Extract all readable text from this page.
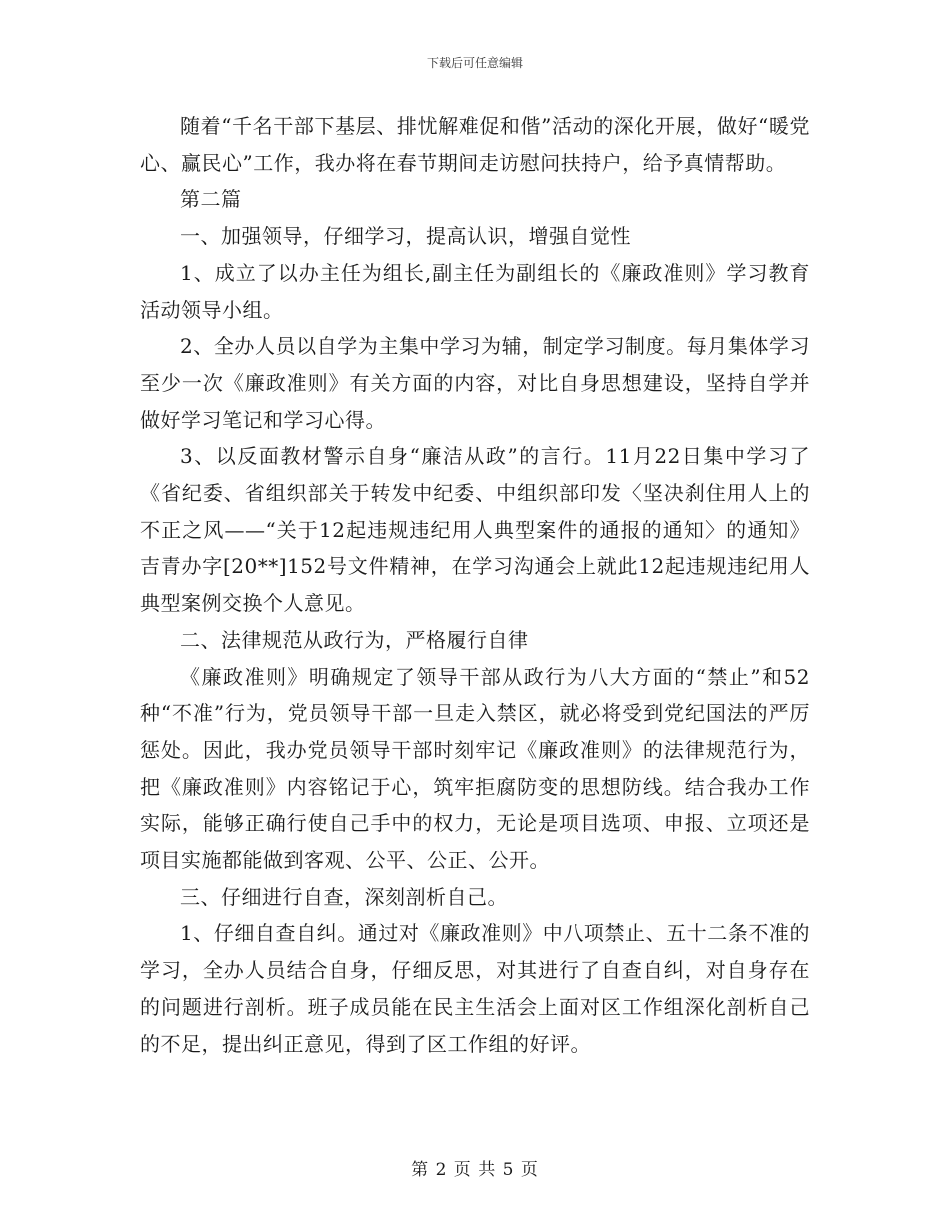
下载后可任意编辑

随着“千名干部下基层、排忧解难促和偕”活动的深化开展，做好“暖党心、赢民心”工作，我办将在春节期间走访慰问扶持户，给予真情帮助。

第二篇

一、加强领导，仔细学习，提高认识，增强自觉性

1、成立了以办主任为组长,副主任为副组长的《廉政准则》学习教育活动领导小组。

2、全办人员以自学为主集中学习为辅，制定学习制度。每月集体学习至少一次《廉政准则》有关方面的内容，对比自身思想建设，坚持自学并做好学习笔记和学习心得。

3、以反面教材警示自身“廉洁从政”的言行。11月22日集中学习了《省纪委、省组织部关于转发中纪委、中组织部印发〈坚决刹住用人上的不正之风——“关于12起违规违纪用人典型案件的通报的通知〉的通知》吉青办字[20**]152号文件精神，在学习沟通会上就此12起违规违纪用人典型案例交换个人意见。

二、法律规范从政行为，严格履行自律

《廉政准则》明确规定了领导干部从政行为八大方面的“禁止”和52种“不准”行为，党员领导干部一旦走入禁区，就必将受到党纪国法的严厉惩处。因此，我办党员领导干部时刻牢记《廉政准则》的法律规范行为，把《廉政准则》内容铭记于心，筑牢拒腐防变的思想防线。结合我办工作实际，能够正确行使自己手中的权力，无论是项目选项、申报、立项还是项目实施都能做到客观、公平、公正、公开。

三、仔细进行自查，深刻剖析自己。

1、仔细自查自纠。通过对《廉政准则》中八项禁止、五十二条不准的学习，全办人员结合自身，仔细反思，对其进行了自查自纠，对自身存在的问题进行剖析。班子成员能在民主生活会上面对区工作组深化剖析自己的不足，提出纠正意见，得到了区工作组的好评。

第 2 页 共 5 页
